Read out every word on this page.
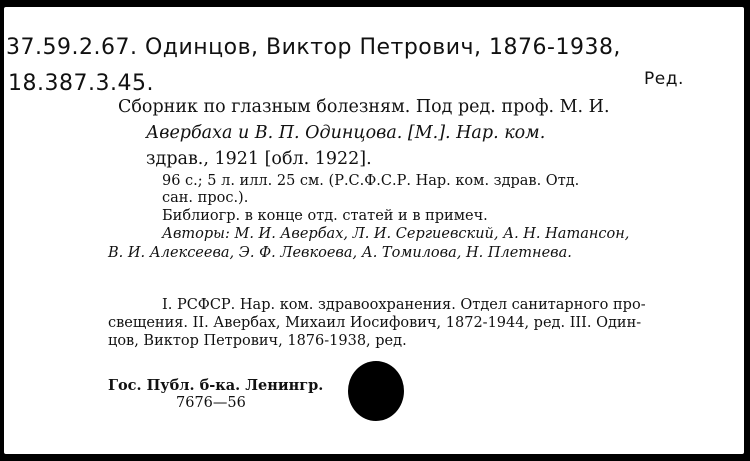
37.59.2.67. Одинцов, Виктор Петрович, 1876-1938,
18.387.3.45.	Ред.
Сборник по глазным болезням. Под ред. проф. М. И.
Авербаха и В. П. Одинцова. [М.]. Нар. ком.
здрав., 1921 [обл. 1922].
96 с.; 5 л. илл. 25 см. (Р.С.Ф.С.Р. Нар. ком. здрав. Отд.
сан. прос.).
Библиогр. в конце отд. статей и в примеч.
Авторы: М. И. Авербах, Л. И. Сергиевский, А. Н. Натансон,
В. И. Алексеева, Э. Ф. Левкоева, А. Томилова, Н. Плетнева.
I. РСФСР. Нар. ком. здравоохранения. Отдел санитарного про-
свещения. II. Авербах, Михаил Иосифович, 1872-1944, ред. III. Один-
цов, Виктор Петрович, 1876-1938, ред.
Гос. Публ. б-ка. Ленингр.
7676—56
